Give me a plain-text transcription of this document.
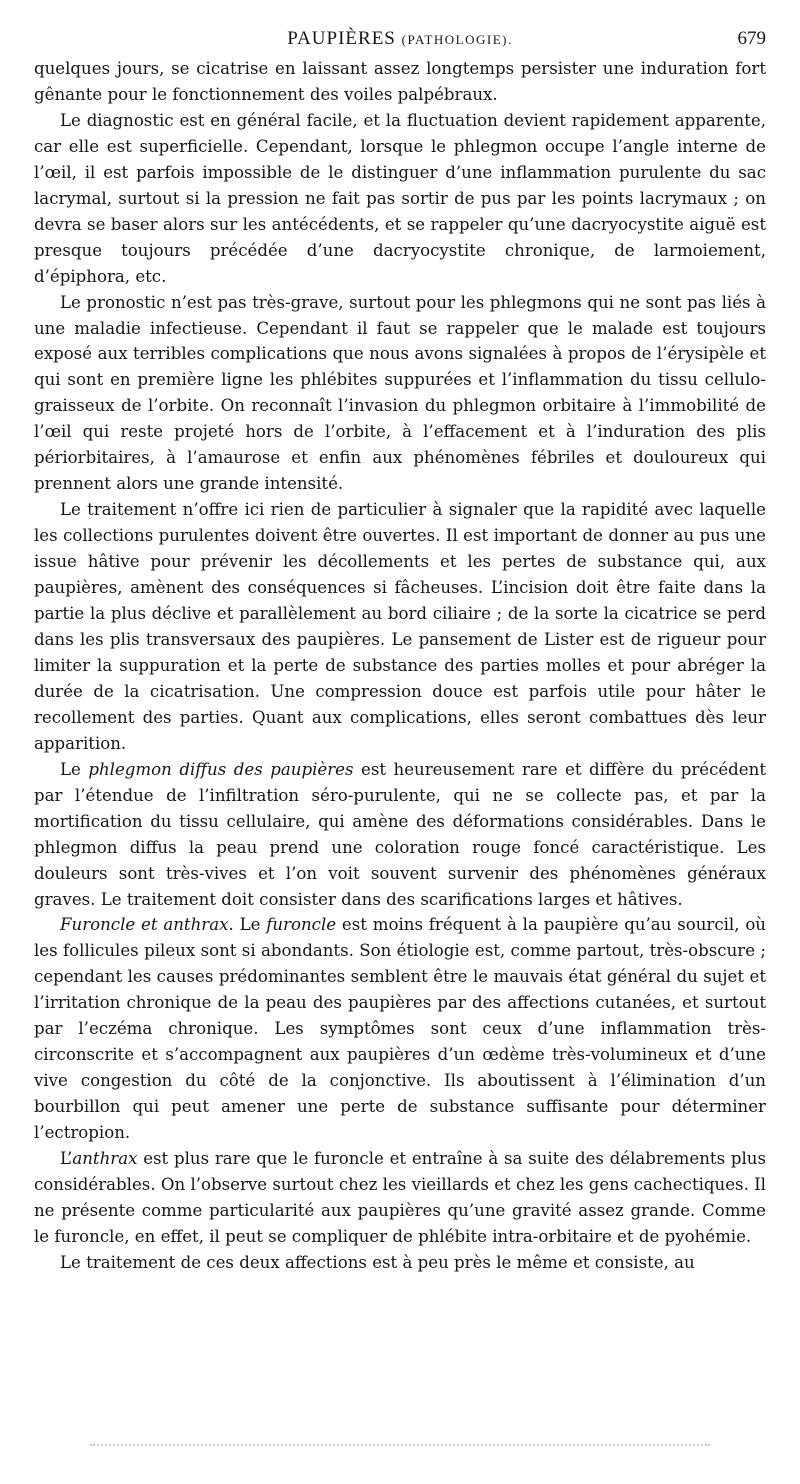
PAUPIÈRES (PATHOLOGIE).	679

quelques jours, se cicatrise en laissant assez longtemps persister une induration fort gênante pour le fonctionnement des voiles palpébraux.

Le diagnostic est en général facile, et la fluctuation devient rapidement apparente, car elle est superficielle. Cependant, lorsque le phlegmon occupe l’angle interne de l’œil, il est parfois impossible de le distinguer d’une inflammation purulente du sac lacrymal, surtout si la pression ne fait pas sortir de pus par les points lacrymaux ; on devra se baser alors sur les antécédents, et se rappeler qu’une dacryocystite aiguë est presque toujours précédée d’une dacryocystite chronique, de larmoiement, d’épiphora, etc.

Le pronostic n’est pas très-grave, surtout pour les phlegmons qui ne sont pas liés à une maladie infectieuse. Cependant il faut se rappeler que le malade est toujours exposé aux terribles complications que nous avons signalées à propos de l’érysipèle et qui sont en première ligne les phlébites suppurées et l’inflammation du tissu cellulo-graisseux de l’orbite. On reconnaît l’invasion du phlegmon orbitaire à l’immobilité de l’œil qui reste projeté hors de l’orbite, à l’effacement et à l’induration des plis périorbitaires, à l’amaurose et enfin aux phénomènes fébriles et douloureux qui prennent alors une grande intensité.

Le traitement n’offre ici rien de particulier à signaler que la rapidité avec laquelle les collections purulentes doivent être ouvertes. Il est important de donner au pus une issue hâtive pour prévenir les décollements et les pertes de substance qui, aux paupières, amènent des conséquences si fâcheuses. L’incision doit être faite dans la partie la plus déclive et parallèlement au bord ciliaire ; de la sorte la cicatrice se perd dans les plis transversaux des paupières. Le pansement de Lister est de rigueur pour limiter la suppuration et la perte de substance des parties molles et pour abréger la durée de la cicatrisation. Une compression douce est parfois utile pour hâter le recollement des parties. Quant aux complications, elles seront combattues dès leur apparition.

Le phlegmon diffus des paupières est heureusement rare et diffère du précédent par l’étendue de l’infiltration séro-purulente, qui ne se collecte pas, et par la mortification du tissu cellulaire, qui amène des déformations considérables. Dans le phlegmon diffus la peau prend une coloration rouge foncé caractéristique. Les douleurs sont très-vives et l’on voit souvent survenir des phénomènes généraux graves. Le traitement doit consister dans des scarifications larges et hâtives.

Furoncle et anthrax. Le furoncle est moins fréquent à la paupière qu’au sourcil, où les follicules pileux sont si abondants. Son étiologie est, comme partout, très-obscure ; cependant les causes prédominantes semblent être le mauvais état général du sujet et l’irritation chronique de la peau des paupières par des affections cutanées, et surtout par l’eczéma chronique. Les symptômes sont ceux d’une inflammation très-circonscrite et s’accompagnent aux paupières d’un œdème très-volumineux et d’une vive congestion du côté de la conjonctive. Ils aboutissent à l’élimination d’un bourbillon qui peut amener une perte de substance suffisante pour déterminer l’ectropion.

L’anthrax est plus rare que le furoncle et entraîne à sa suite des délabrements plus considérables. On l’observe surtout chez les vieillards et chez les gens cachectiques. Il ne présente comme particularité aux paupières qu’une gravité assez grande. Comme le furoncle, en effet, il peut se compliquer de phlébite intra-orbitaire et de pyohémie.

Le traitement de ces deux affections est à peu près le même et consiste, au
